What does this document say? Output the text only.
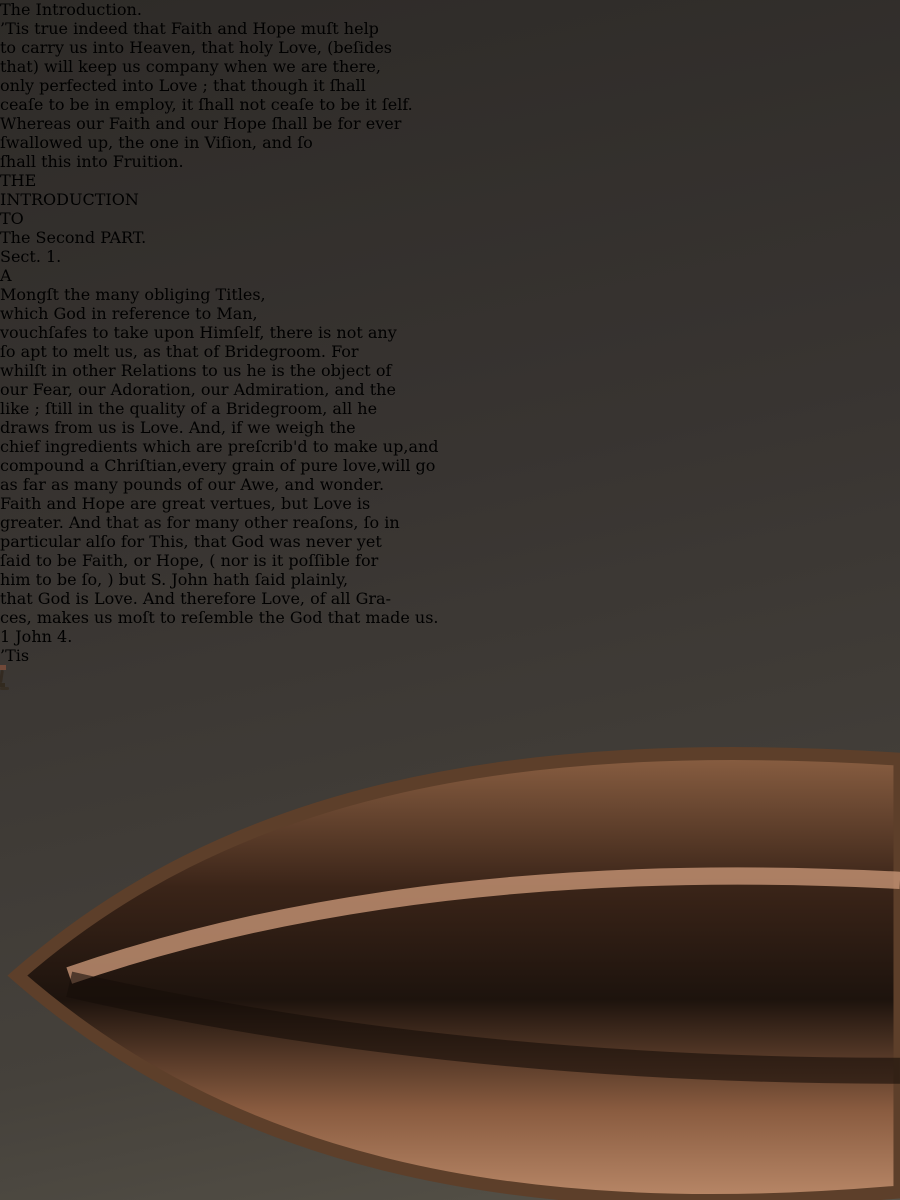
The Introduction.
’Tis true indeed that Faith and Hope muſt help
to carry us into Heaven, that holy Love, (beſides
that) will keep us company when we are there,
only perfected into Love ; that though it ſhall
ceaſe to be in employ, it ſhall not ceaſe to be it ſelf.
Whereas our Faith and our Hope ſhall be for ever
ſwallowed up, the one in Viſion, and ſo
ſhall this into Fruition.
THE
INTRODUCTION
TO
The Second PART.
Sect. 1.
A
Mongſt the many obliging Titles,
which God in reference to Man,
vouchſafes to take upon Himſelf, there is not any
ſo apt to melt us, as that of Bridegroom. For
whilſt in other Relations to us he is the object of
our Fear, our Adoration, our Admiration, and the
like ; ſtill in the quality of a Bridegroom, all he
draws from us is Love. And, if we weigh the
chief ingredients which are preſcrib'd to make up,and
compound a Chriſtian,every grain of pure love,will go
as far as many pounds of our Awe, and wonder.
Faith and Hope are great vertues, but Love is
greater. And that as for many other reaſons, ſo in
particular alſo for This, that God was never yet
ſaid to be Faith, or Hope, ( nor is it poſſible for
him to be ſo, ) but S. John hath ſaid plainly,
that God is Love. And therefore Love, of all Gra-
ces, makes us moſt to reſemble the God that made us.
1 John 4.
’Tis
